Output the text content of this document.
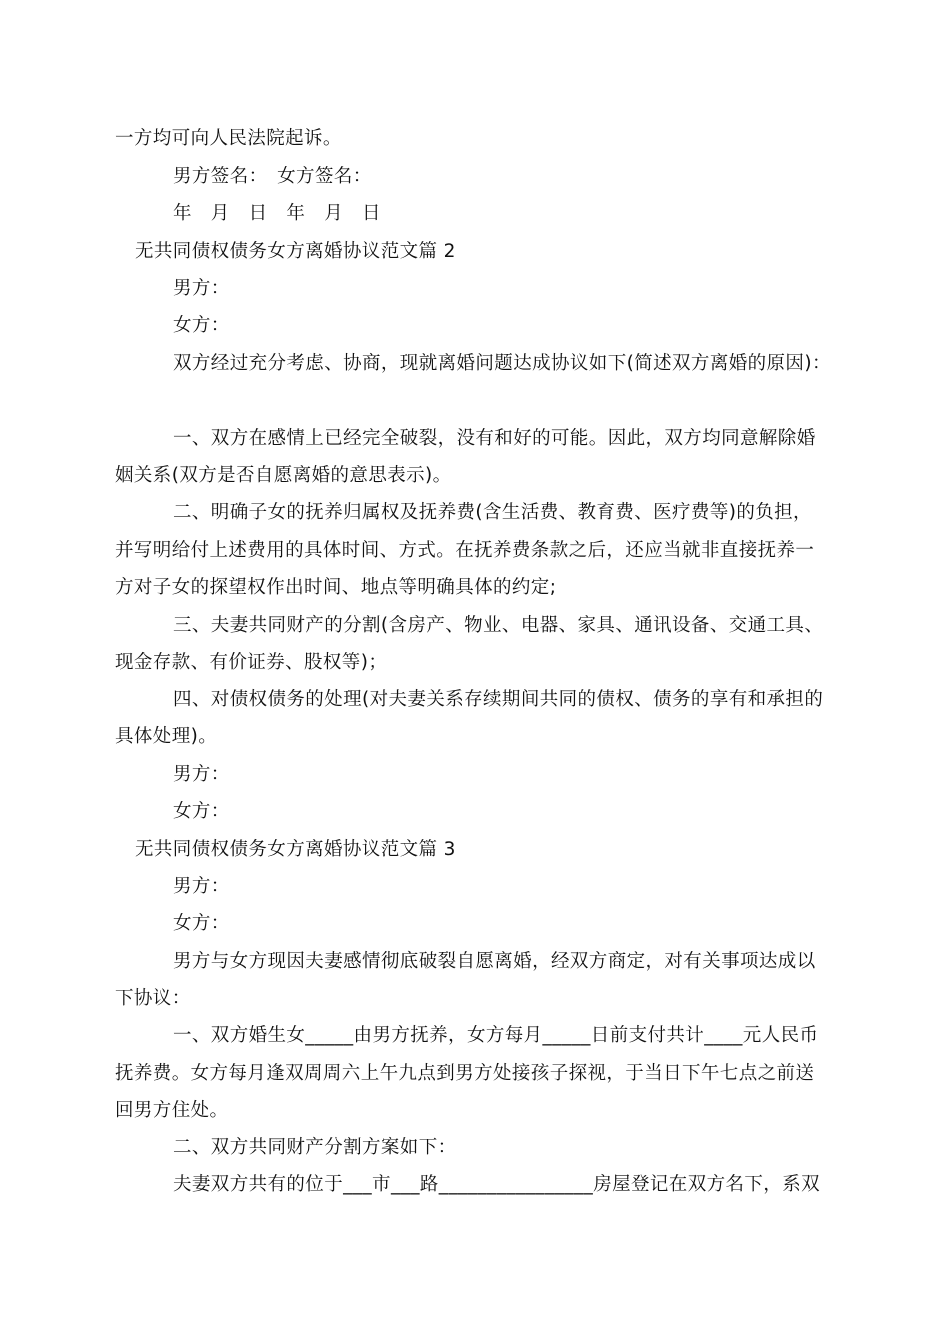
一方均可向人民法院起诉。
男方签名：　女方签名：
年　月　日　年　月　日
无共同债权债务女方离婚协议范文篇 2
男方：
女方：
双方经过充分考虑、协商，现就离婚问题达成协议如下(简述双方离婚的原因)：
一、双方在感情上已经完全破裂，没有和好的可能。因此，双方均同意解除婚
姻关系(双方是否自愿离婚的意思表示)。
二、明确子女的抚养归属权及抚养费(含生活费、教育费、医疗费等)的负担，
并写明给付上述费用的具体时间、方式。在抚养费条款之后，还应当就非直接抚养一
方对子女的探望权作出时间、地点等明确具体的约定;
三、夫妻共同财产的分割(含房产、物业、电器、家具、通讯设备、交通工具、
现金存款、有价证券、股权等)；
四、对债权债务的处理(对夫妻关系存续期间共同的债权、债务的享有和承担的
具体处理)。
男方：
女方：
无共同债权债务女方离婚协议范文篇 3
男方：
女方：
男方与女方现因夫妻感情彻底破裂自愿离婚，经双方商定，对有关事项达成以
下协议：
一、双方婚生女_____由男方抚养，女方每月_____日前支付共计____元人民币
抚养费。女方每月逢双周周六上午九点到男方处接孩子探视，于当日下午七点之前送
回男方住处。
二、双方共同财产分割方案如下：
夫妻双方共有的位于___市___路________________房屋登记在双方名下，系双
